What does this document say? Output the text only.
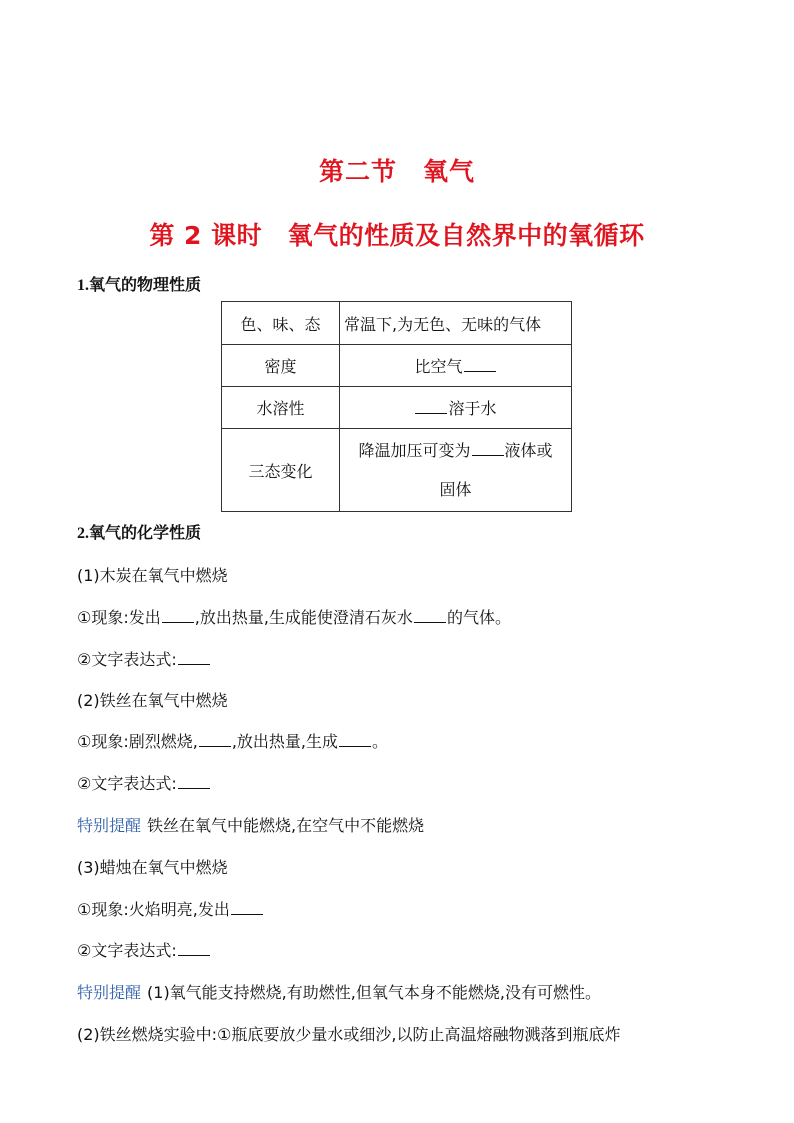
第二节　氧气
第 2 课时　氧气的性质及自然界中的氧循环
1.氧气的物理性质
色、味、态	常温下,为无色、无味的气体
密度	比空气
水溶性	溶于水
三态变化	降温加压可变为 液体或
固体
2.氧气的化学性质
(1)木炭在氧气中燃烧
①现象:发出 ,放出热量,生成能使澄清石灰水 的气体。
②文字表达式:
(2)铁丝在氧气中燃烧
①现象:剧烈燃烧, ,放出热量,生成 。
②文字表达式:
特别提醒 铁丝在氧气中能燃烧,在空气中不能燃烧
(3)蜡烛在氧气中燃烧
①现象:火焰明亮,发出
②文字表达式:
特别提醒 (1)氧气能支持燃烧,有助燃性,但氧气本身不能燃烧,没有可燃性。
(2)铁丝燃烧实验中:①瓶底要放少量水或细沙,以防止高温熔融物溅落到瓶底炸
